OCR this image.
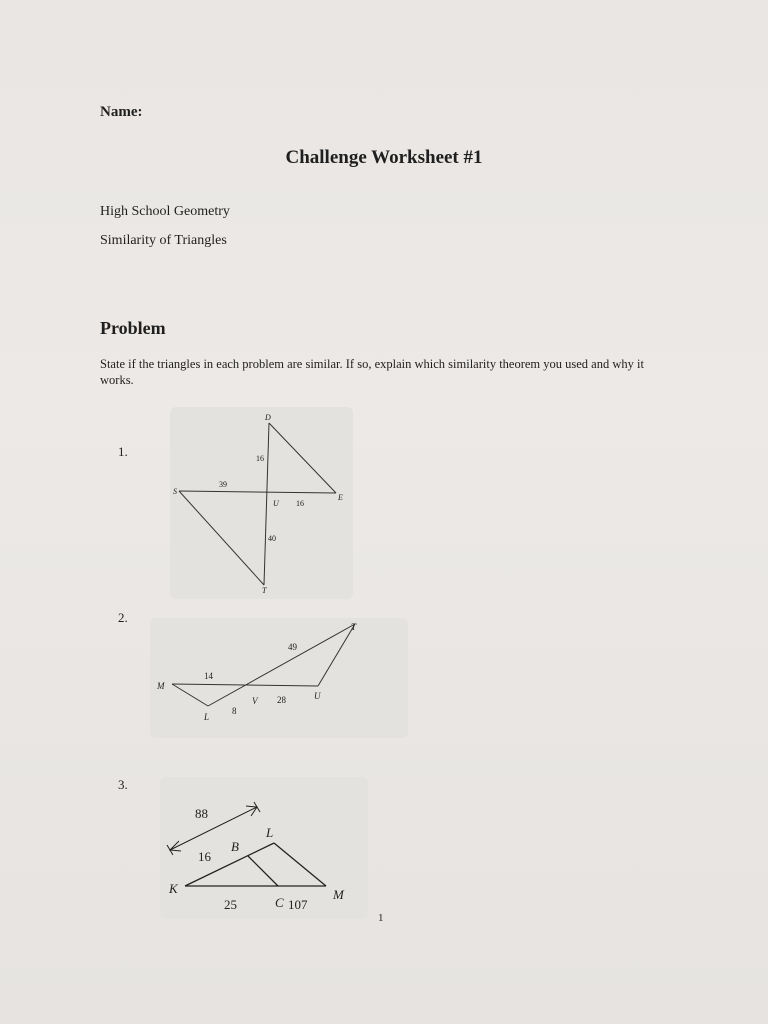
Name:
Challenge Worksheet #1
High School Geometry
Similarity of Triangles
Problem
State if the triangles in each problem are similar. If so, explain which similarity theorem you used and why it works.
1.
D
S
E
U
T
16
39
16
40
2.
M
L
V	U
T
14
8
28
49
3.
88
16
B
L
K
25	C 107
M
1
